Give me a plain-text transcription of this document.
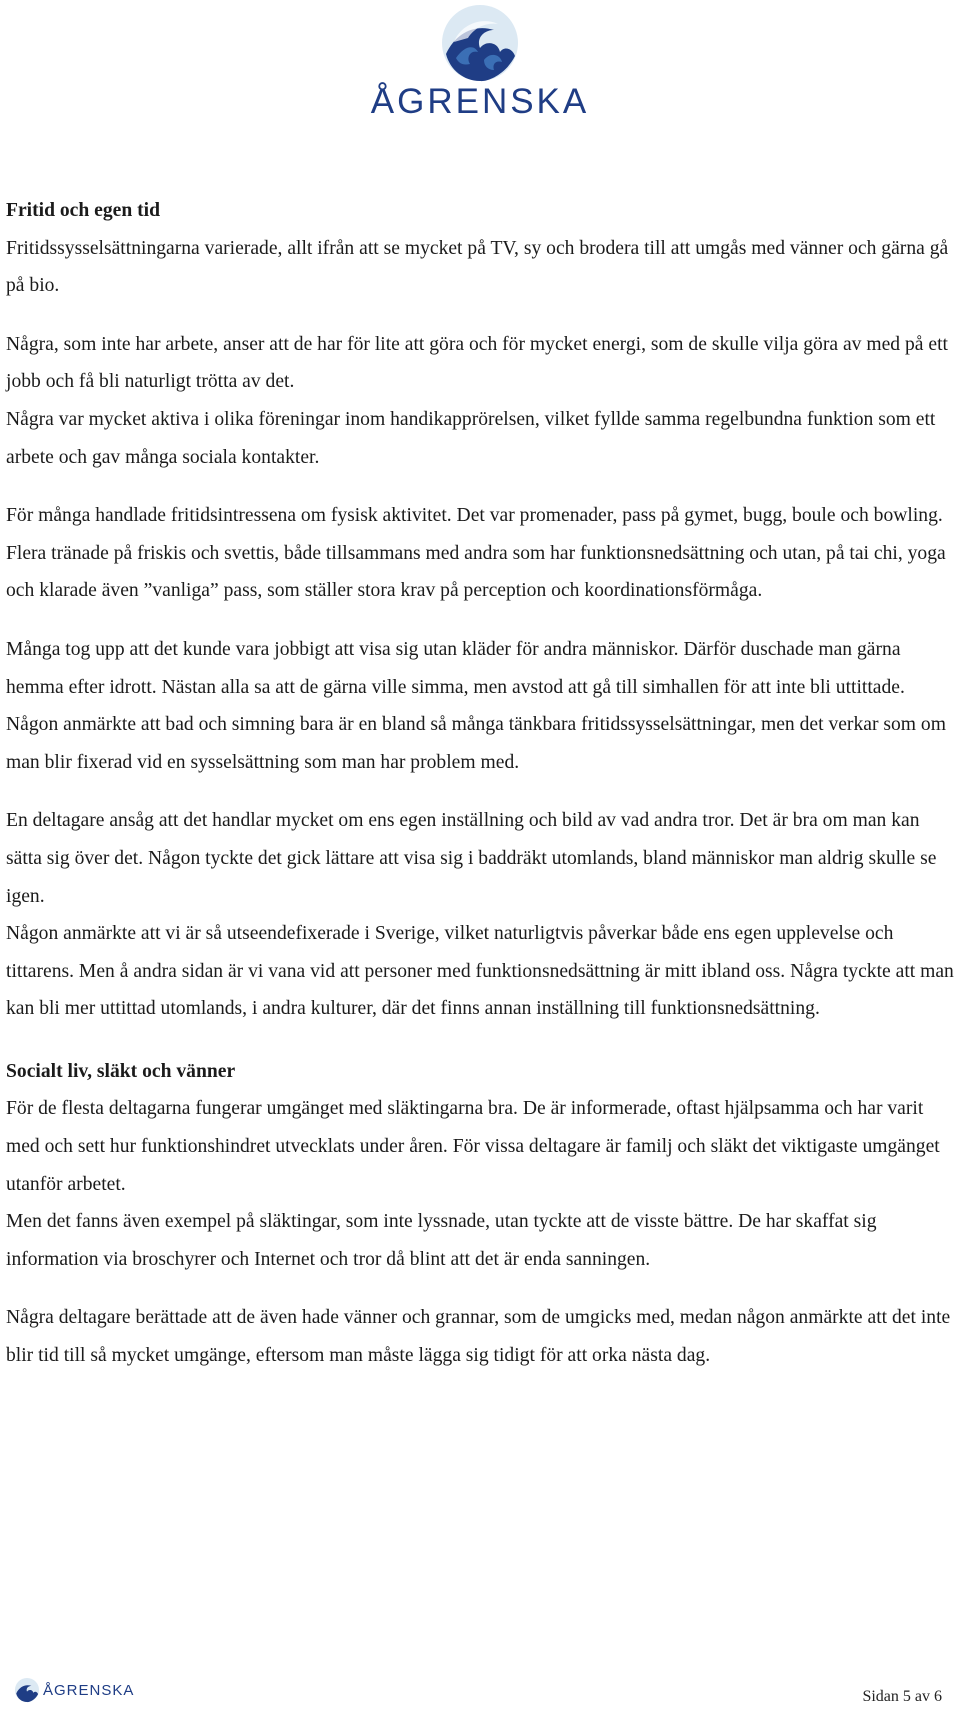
ÅGRENSKA
Fritid och egen tid

Fritidssysselsättningarna varierade, allt ifrån att se mycket på TV, sy och brodera till att umgås med vänner och gärna gå på bio.

Några, som inte har arbete, anser att de har för lite att göra och för mycket energi, som de skulle vilja göra av med på ett jobb och få bli naturligt trötta av det.

Några var mycket aktiva i olika föreningar inom handikapprörelsen, vilket fyllde samma regelbundna funktion som ett arbete och gav många sociala kontakter.

För många handlade fritidsintressena om fysisk aktivitet. Det var promenader, pass på gymet, bugg, boule och bowling. Flera tränade på friskis och svettis, både tillsammans med andra som har funktionsnedsättning och utan, på tai chi, yoga och klarade även ”vanliga” pass, som ställer stora krav på perception och koordinationsförmåga.

Många tog upp att det kunde vara jobbigt att visa sig utan kläder för andra människor. Därför duschade man gärna hemma efter idrott. Nästan alla sa att de gärna ville simma, men avstod att gå till simhallen för att inte bli uttittade. Någon anmärkte att bad och simning bara är en bland så många tänkbara fritidssysselsättningar, men det verkar som om man blir fixerad vid en sysselsättning som man har problem med.

En deltagare ansåg att det handlar mycket om ens egen inställning och bild av vad andra tror. Det är bra om man kan sätta sig över det. Någon tyckte det gick lättare att visa sig i baddräkt utomlands, bland människor man aldrig skulle se igen.

Någon anmärkte att vi är så utseendefixerade i Sverige, vilket naturligtvis påverkar både ens egen upplevelse och tittarens. Men å andra sidan är vi vana vid att personer med funktionsnedsättning är mitt ibland oss. Några tyckte att man kan bli mer uttittad utomlands, i andra kulturer, där det finns annan inställning till funktionsnedsättning.

Socialt liv, släkt och vänner

För de flesta deltagarna fungerar umgänget med släktingarna bra. De är informerade, oftast hjälpsamma och har varit med och sett hur funktionshindret utvecklats under åren. För vissa deltagare är familj och släkt det viktigaste umgänget utanför arbetet.

Men det fanns även exempel på släktingar, som inte lyssnade, utan tyckte att de visste bättre. De har skaffat sig information via broschyrer och Internet och tror då blint att det är enda sanningen.

Några deltagare berättade att de även hade vänner och grannar, som de umgicks med, medan någon anmärkte att det inte blir tid till så mycket umgänge, eftersom man måste lägga sig tidigt för att orka nästa dag.

ÅGRENSKA	Sidan 5 av 6
